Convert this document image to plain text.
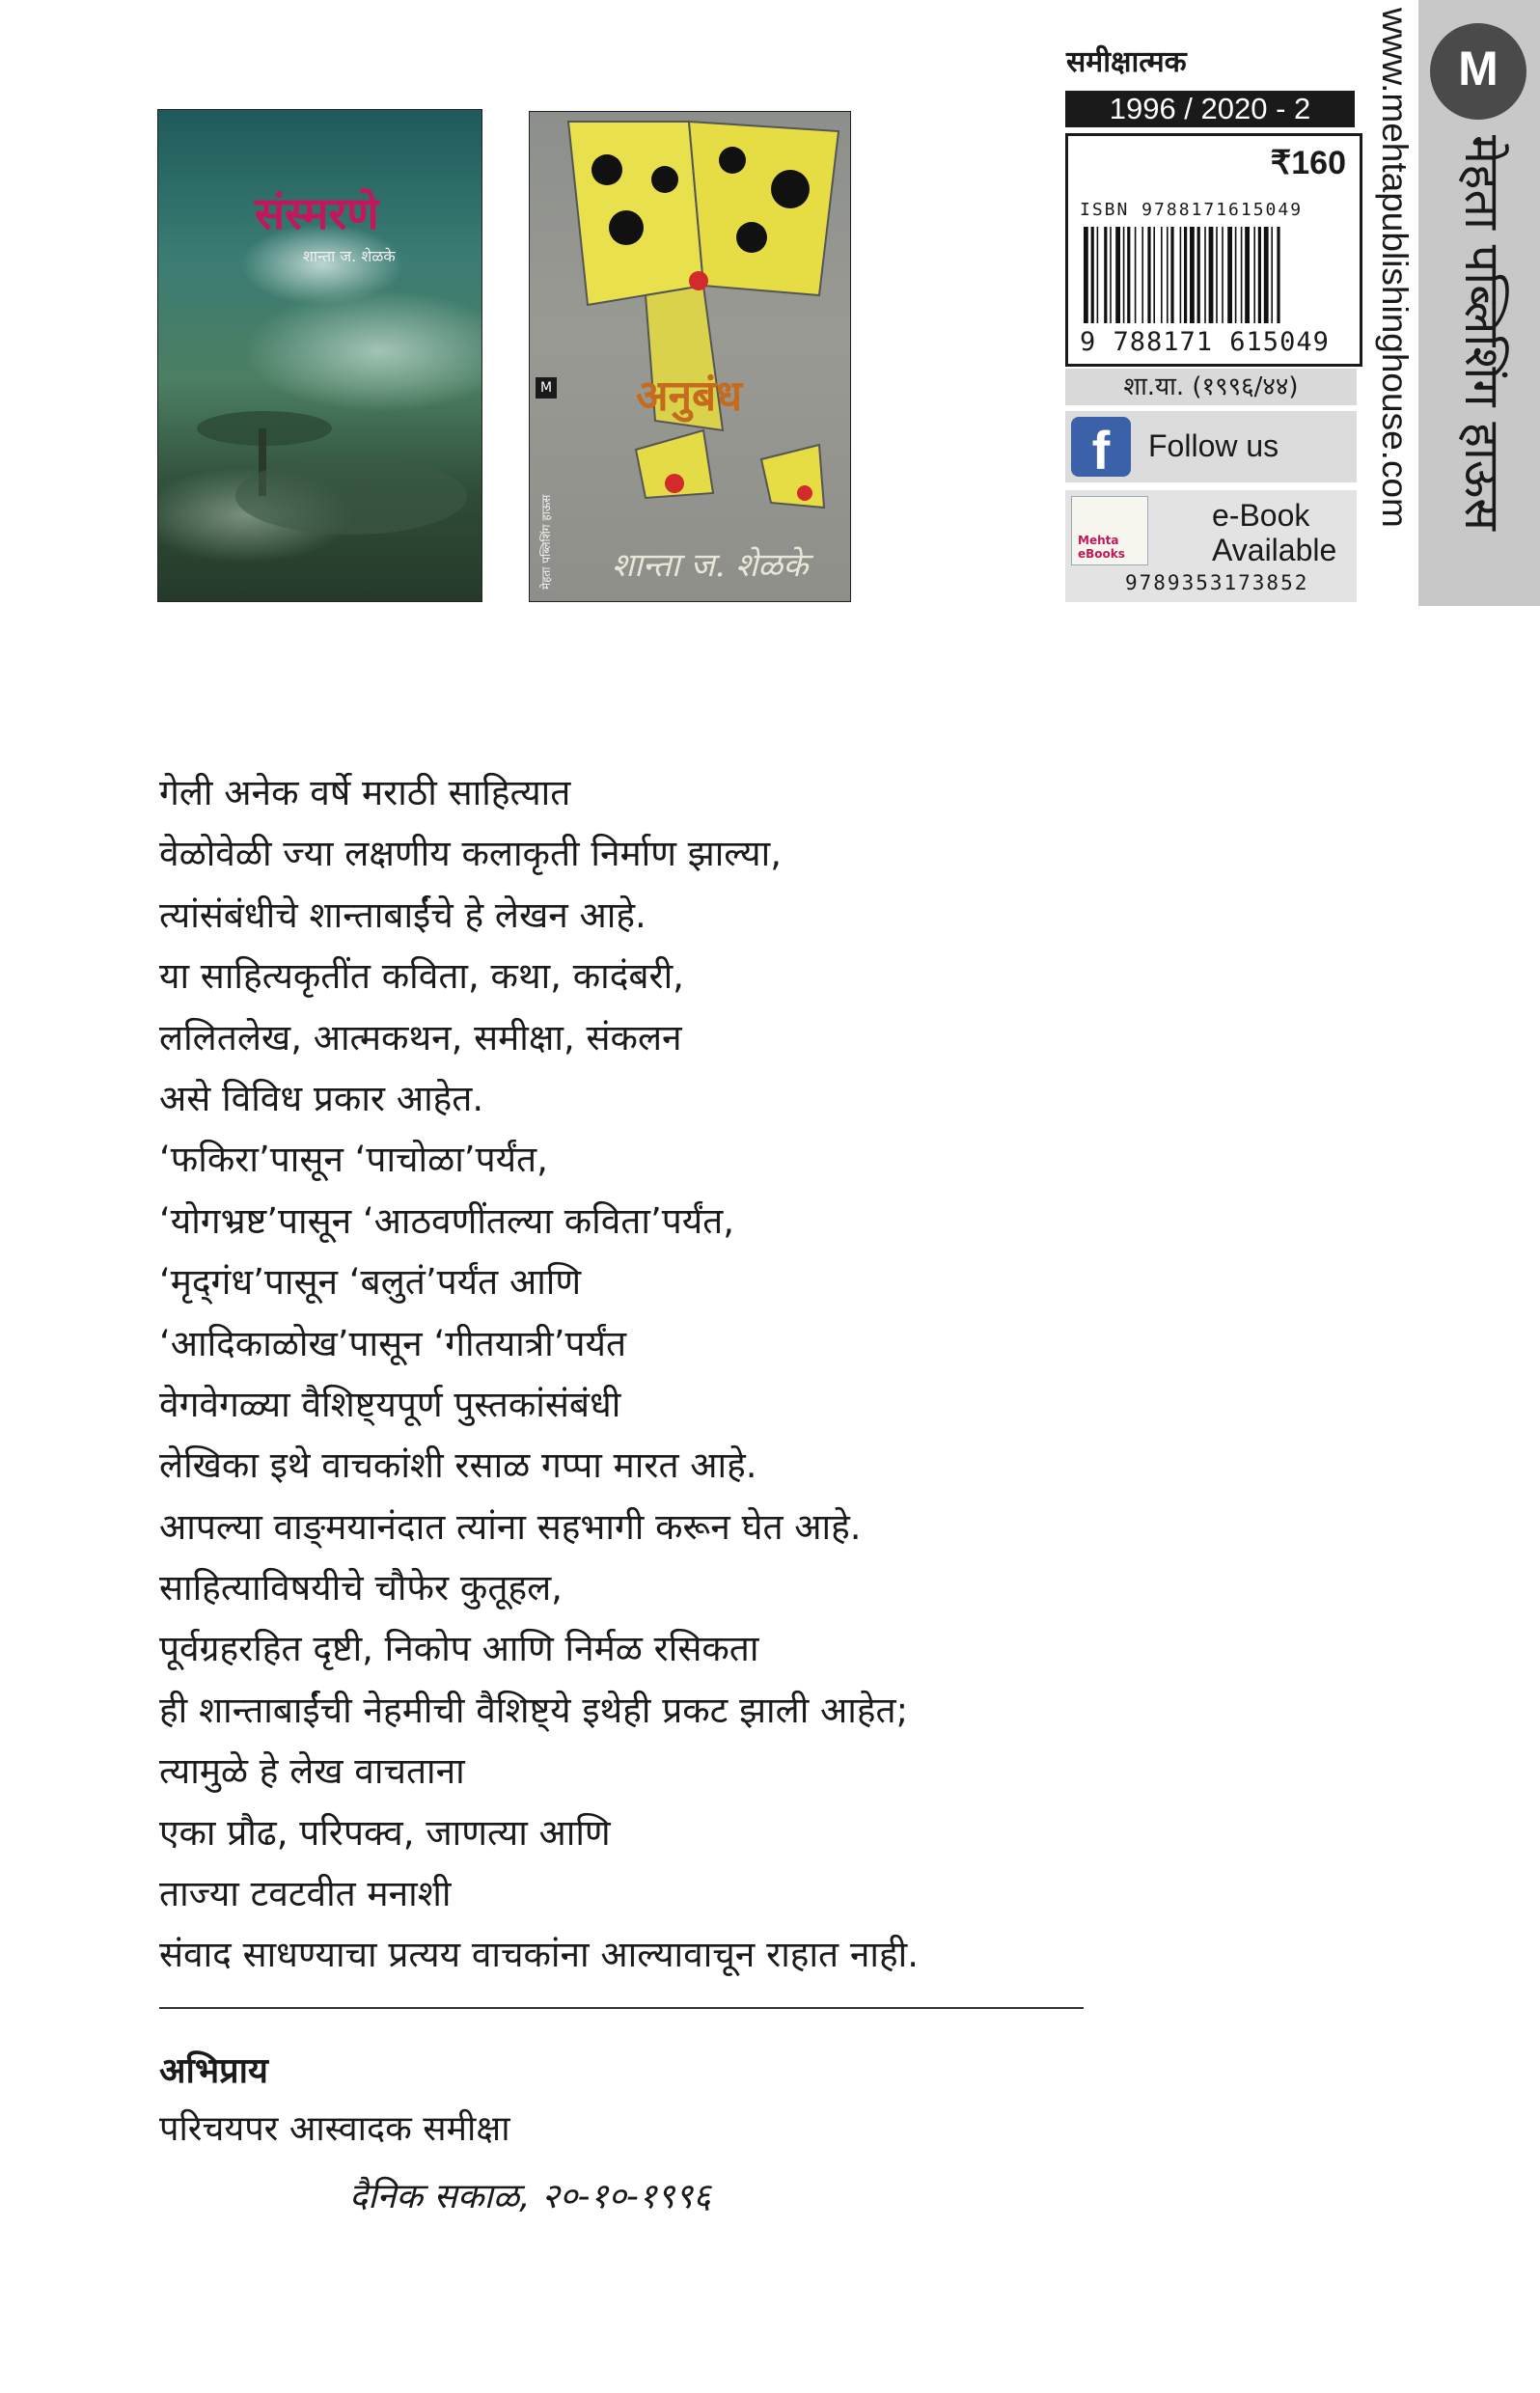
संस्मरणे
शान्ता ज. शेळके
अनुबंध
शान्ता ज. शेळके
M
मेहता पब्लिशिंग हाऊस
समीक्षात्मक
1996 / 2020 - 2
₹160
ISBN 9788171615049
9 788171 615049
शा.या. (१९९६/४४)
f	Follow us
Mehta eBooks
e-Book
Available
9789353173852
www.mehtapublishinghouse.com M
मेहता पब्लिशिंग हाऊस
गेली अनेक वर्षे मराठी साहित्यात
वेळोवेळी ज्या लक्षणीय कलाकृती निर्माण झाल्या,
त्यांसंबंधीचे शान्ताबाईंचे हे लेखन आहे.
या साहित्यकृतींत कविता, कथा, कादंबरी,
ललितलेख, आत्मकथन, समीक्षा, संकलन
असे विविध प्रकार आहेत.
‘फकिरा’पासून ‘पाचोळा’पर्यंत,
‘योगभ्रष्ट’पासून ‘आठवणींतल्या कविता’पर्यंत,
‘मृद्‌गंध’पासून ‘बलुतं’पर्यंत आणि
‘आदिकाळोख’पासून ‘गीतयात्री’पर्यंत
वेगवेगळ्या वैशिष्ट्यपूर्ण पुस्तकांसंबंधी
लेखिका इथे वाचकांशी रसाळ गप्पा मारत आहे.
आपल्या वाङ्‌मयानंदात त्यांना सहभागी करून घेत आहे.
साहित्याविषयीचे चौफेर कुतूहल,
पूर्वग्रहरहित दृष्टी, निकोप आणि निर्मळ रसिकता
ही शान्ताबाईंची नेहमीची वैशिष्ट्ये इथेही प्रकट झाली आहेत;
त्यामुळे हे लेख वाचताना
एका प्रौढ, परिपक्व, जाणत्या आणि
ताज्या टवटवीत मनाशी
संवाद साधण्याचा प्रत्यय वाचकांना आल्यावाचून राहात नाही.
अभिप्राय
परिचयपर आस्वादक समीक्षा
दैनिक सकाळ, २०-१०-१९९६
